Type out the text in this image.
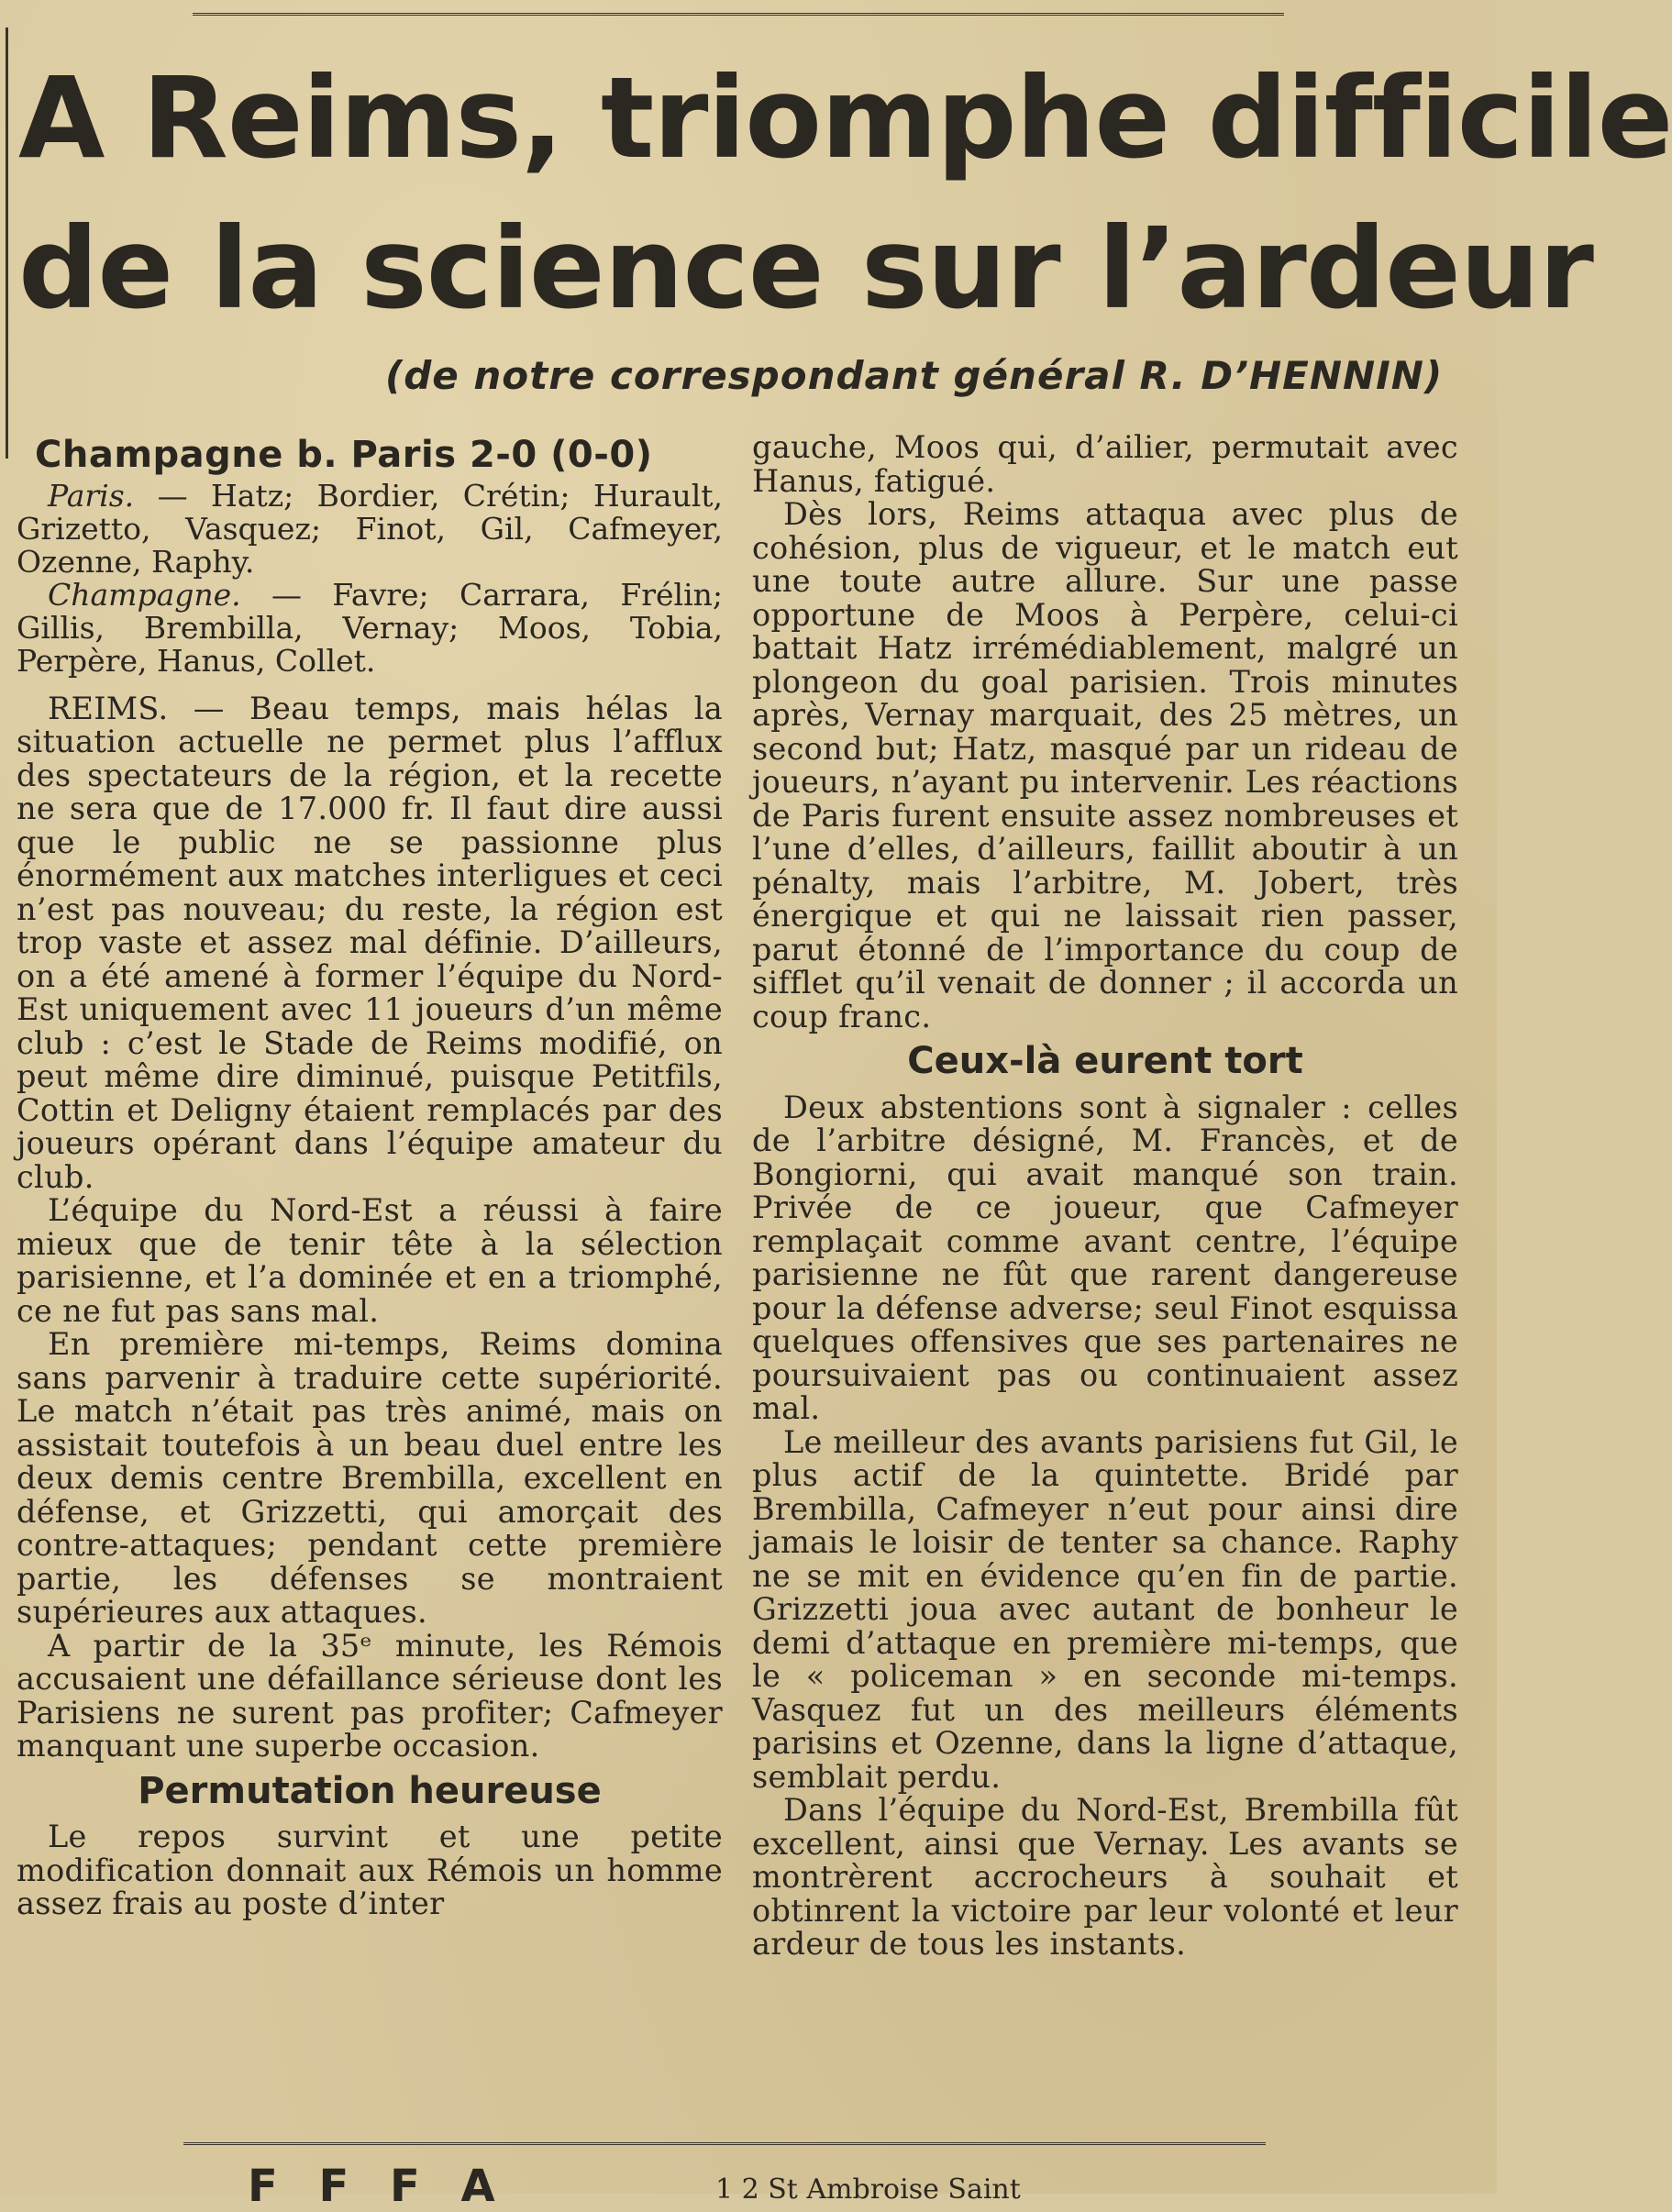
A Reims, triomphe difficile
de la science sur l’ardeur
(de notre correspondant général R. D’HENNIN)
Champagne b. Paris 2-0 (0-0)

Paris. — Hatz; Bordier, Crétin; Hurault, Grizetto, Vasquez; Finot, Gil, Cafmeyer, Ozenne, Raphy.

Champagne. — Favre; Carrara, Frélin; Gillis, Brembilla, Vernay; Moos, Tobia, Perpère, Hanus, Collet.

REIMS. — Beau temps, mais hélas la situation actuelle ne permet plus l’afflux des spectateurs de la région, et la recette ne sera que de 17.000 fr. Il faut dire aussi que le public ne se passionne plus énormément aux matches interligues et ceci n’est pas nouveau; du reste, la région est trop vaste et assez mal définie. D’ailleurs, on a été amené à former l’équipe du Nord-Est uniquement avec 11 joueurs d’un même club : c’est le Stade de Reims modifié, on peut même dire diminué, puisque Petitfils, Cottin et Deligny étaient remplacés par des joueurs opérant dans l’équipe amateur du club.

L’équipe du Nord-Est a réussi à faire mieux que de tenir tête à la sélection parisienne, et l’a dominée et en a triomphé, ce ne fut pas sans mal.

En première mi-temps, Reims domina sans parvenir à traduire cette supériorité. Le match n’était pas très animé, mais on assistait toutefois à un beau duel entre les deux demis centre Brembilla, excellent en défense, et Grizzetti, qui amorçait des contre-attaques; pendant cette première partie, les défenses se montraient supérieures aux attaques.

A partir de la 35ᵉ minute, les Rémois accusaient une défaillance sérieuse dont les Parisiens ne surent pas profiter; Cafmeyer manquant une superbe occasion.

Permutation heureuse

Le repos survint et une petite modification donnait aux Rémois un homme assez frais au poste d’inter

gauche, Moos qui, d’ailier, permutait avec Hanus, fatigué.

Dès lors, Reims attaqua avec plus de cohésion, plus de vigueur, et le match eut une toute autre allure. Sur une passe opportune de Moos à Perpère, celui-ci battait Hatz irrémédiablement, malgré un plongeon du goal parisien. Trois minutes après, Vernay marquait, des 25 mètres, un second but; Hatz, masqué par un rideau de joueurs, n’ayant pu intervenir. Les réactions de Paris furent ensuite assez nombreuses et l’une d’elles, d’ailleurs, faillit aboutir à un pénalty, mais l’arbitre, M. Jobert, très énergique et qui ne laissait rien passer, parut étonné de l’importance du coup de sifflet qu’il venait de donner ; il accorda un coup franc.

Ceux-là eurent tort

Deux abstentions sont à signaler : celles de l’arbitre désigné, M. Francès, et de Bongiorni, qui avait manqué son train. Privée de ce joueur, que Cafmeyer remplaçait comme avant centre, l’équipe parisienne ne fût que rarent dangereuse pour la défense adverse; seul Finot esquissa quelques offensives que ses partenaires ne poursuivaient pas ou continuaient assez mal.

Le meilleur des avants parisiens fut Gil, le plus actif de la quintette. Bridé par Brembilla, Cafmeyer n’eut pour ainsi dire jamais le loisir de tenter sa chance. Raphy ne se mit en évidence qu’en fin de partie. Grizzetti joua avec autant de bonheur le demi d’attaque en première mi-temps, que le « policeman » en seconde mi-temps. Vasquez fut un des meilleurs éléments parisins et Ozenne, dans la ligne d’attaque, semblait perdu.

Dans l’équipe du Nord-Est, Brembilla fût excellent, ainsi que Vernay. Les avants se montrèrent accrocheurs à souhait et obtinrent la victoire par leur volonté et leur ardeur de tous les instants.

F F F A	1 2 St Ambroise Saint
